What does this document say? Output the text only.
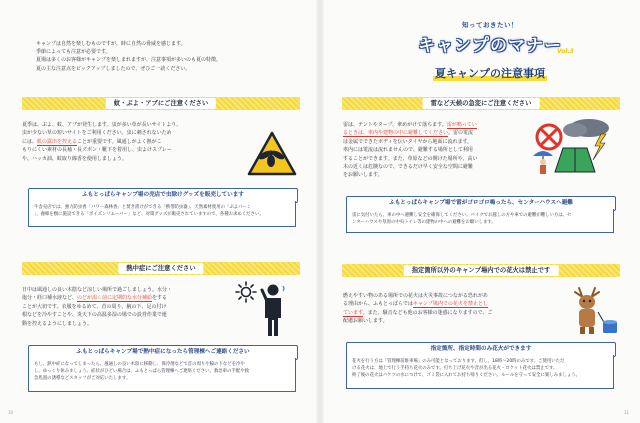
キャンプは自然を楽しむものですが、時に自然の脅威を感じます。
季節によっても注意が必要です。
夏場は多くのお客様がキャンプを楽しまれますが、注意事項が多いのも夏の特徴。
夏の主な注意点をピックアップしましたので、ぜひご一読ください。
知っておきたい！
キャンプのマナー
Vol.3
夏キャンプの注意事項
蚊・ぶよ・アブにご注意ください
夏季は、ぶよ、蚊、アブが発生します。虫が多い草が長いサイトより、
虫が少ない草の短いサイトをご利用ください。虫に刺されないため
には、肌の露出を控えることが重要です。風通しがよく熱がこ
もりにくい素材の長袖・長ズボン・靴下を着用し、虫よけスプレー
や、ハッカ油、蚊取り線香を使用しましょう。
ふもとっぱらキャンプ場の売店で虫除けグッズを販売しています
牛舎売店では、強力防虫香「バワー森林香」と焚き漬けができる「携帯防虫器」、天然素材使用の「ぷよバーン
」、養蜂を樹に施設できる「ポイズンリムーバー」など、対策グッズが販売されていますので、各種お求めください。
熱中症にご注意ください
日中は風通しの良い木陰など涼しい場所で過ごしましょう。水分・
塩分・経口補水液など、のどが渇く前に定期的な水分補給をする
ことが大切です。衣服をゆるめて、首の周り、腋の下、足の付け
根などを冷やすことや、炎天下の高温多湿の場での設営作業で運
動を控えるようにしましょう。
ふもとっぱらキャンプ場で熱中症になったら管理棟へご連絡ください
もし、熱中症になってしまったら、風通しの良い木陰に移動し、保冷剤などで首の周りや脇の下などを冷や
し、ゆっくり休みましょう。症状がひどい場合は、ふもとっぱら管理棟へご連絡ください。救急車の手配や救
急処置の誘導などスタッフがご対応いたします。
雷など天候の急変にご注意ください
雷は、テントやタープ、傘めがけて落ちます。雷が鳴ってい
るときは、車内や建物の中に避難してください。雷の電流
は金属でできたボディを伝いタイヤから地面に流れます。
車内には電流は流れませんので、避難する場所として利用
することができます。また、草原などの開けた場所や、高い
木の近くは危険なので、できるだけ早く安全な空間に避難
をお願いします。
ふもとっぱらキャンプ場で雷がゴロゴロ鳴ったら、センターハウスへ避難
雷に気付いたら、車の中へ避難し安全を確保してください。バイクでお越しの方や車での避難が難しい方は、セ
ンターハウスや草原の中央トイレ等の建物の中への避難をお願いします。
指定箇所以外のキャンプ場内での花火は禁止です
燃えやすい物のある場所での花火は火災事故につながる恐れがあ
る理由から、ふもとっぱらではキャンプ場内での花火を禁止とし
ています。また、騒音なども他のお客様の迷惑になりますので、ご
配慮お願いします。
指定箇所、指定時間のみ花火ができます
花火を行う方は「管理棟前駐車場」のみ可能となっております。但し、18時〜20時のみです。ご使用いただ
ける花火は、地上で行う手持ち花火のみです。打ち上げ花火や音が出る花火・ロケット花火は禁止です。
終了後の花火はバケツの水につけて、ゴミ袋に入れてお持ち帰りください。ルールを守って安全に楽しみましょう。
10	11
